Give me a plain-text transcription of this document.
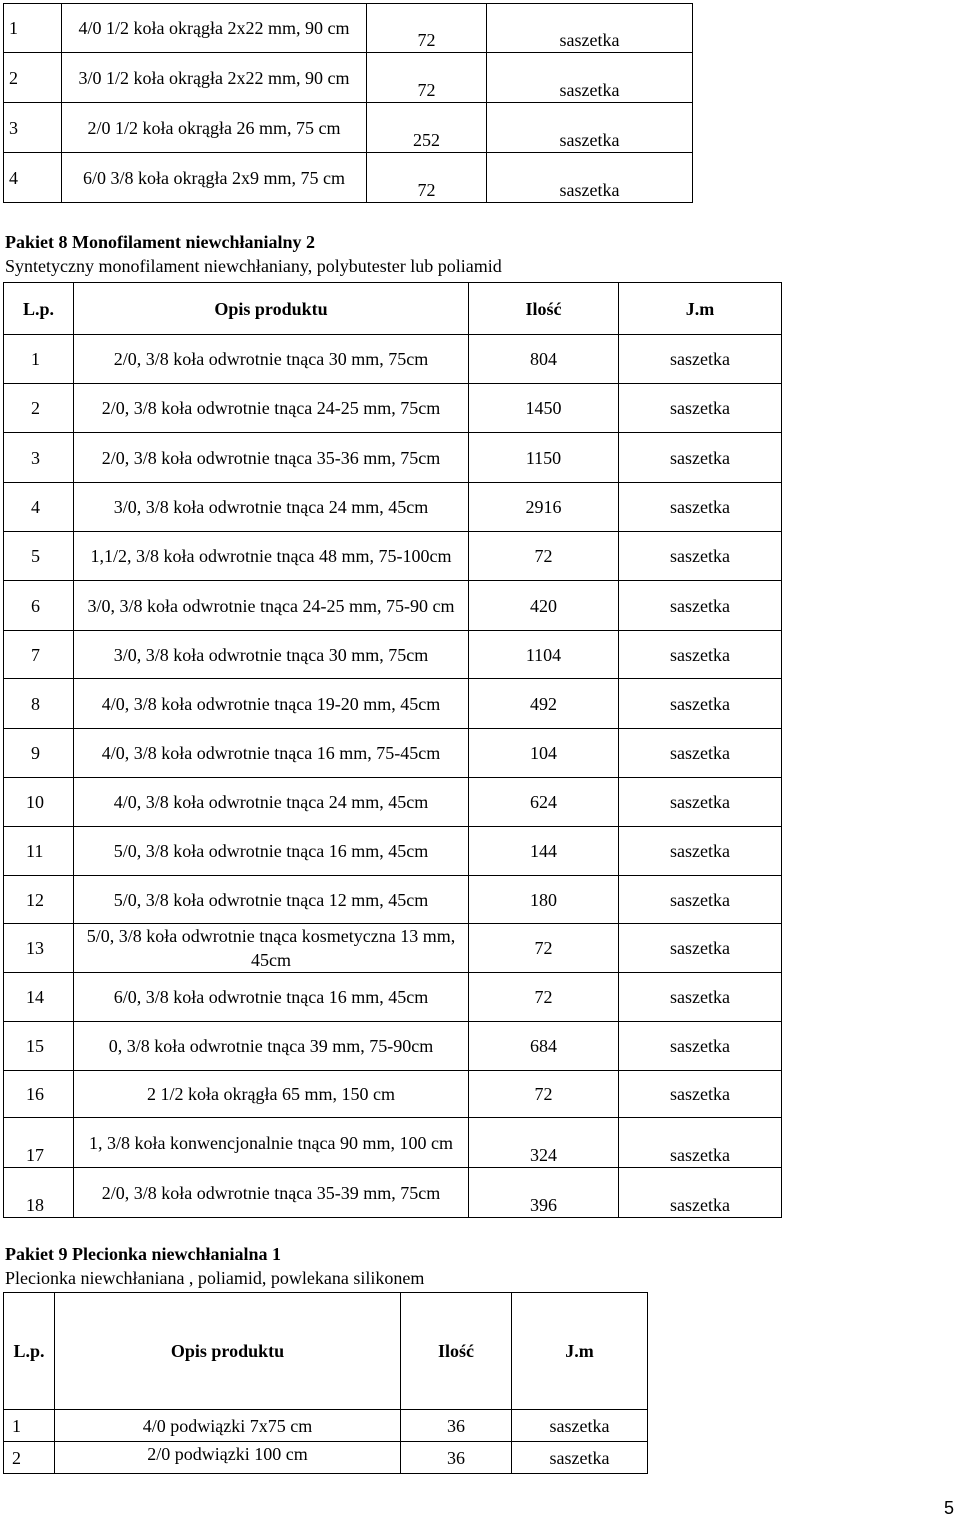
1	4/0 1/2 koła okrągła 2x22 mm, 90 cm	72	saszetka
2	3/0 1/2 koła okrągła 2x22 mm, 90 cm	72	saszetka
3	2/0 1/2 koła okrągła 26 mm, 75 cm	252	saszetka
4	6/0 3/8 koła okrągła 2x9 mm, 75 cm	72	saszetka
Pakiet 8 Monofilament niewchłanialny 2
Syntetyczny monofilament niewchłaniany, polybutester lub poliamid
L.p.	Opis produktu	Ilość	J.m
1	2/0, 3/8 koła odwrotnie tnąca 30 mm, 75cm	804	saszetka
2	2/0, 3/8 koła odwrotnie tnąca 24-25 mm, 75cm	1450	saszetka
3	2/0, 3/8 koła odwrotnie tnąca 35-36 mm, 75cm	1150	saszetka
4	3/0, 3/8 koła odwrotnie tnąca 24 mm, 45cm	2916	saszetka
5	1,1/2, 3/8 koła odwrotnie tnąca 48 mm, 75-100cm	72	saszetka
6	3/0, 3/8 koła odwrotnie tnąca 24-25 mm, 75-90 cm	420	saszetka
7	3/0, 3/8 koła odwrotnie tnąca 30 mm, 75cm	1104	saszetka
8	4/0, 3/8 koła odwrotnie tnąca 19-20 mm, 45cm	492	saszetka
9	4/0, 3/8 koła odwrotnie tnąca 16 mm, 75-45cm	104	saszetka
10	4/0, 3/8 koła odwrotnie tnąca 24 mm, 45cm	624	saszetka
11	5/0, 3/8 koła odwrotnie tnąca 16 mm, 45cm	144	saszetka
12	5/0, 3/8 koła odwrotnie tnąca 12 mm, 45cm	180	saszetka
13	5/0, 3/8 koła odwrotnie tnąca kosmetyczna 13 mm, 45cm	72	saszetka
14	6/0, 3/8 koła odwrotnie tnąca 16 mm, 45cm	72	saszetka
15	0, 3/8 koła odwrotnie tnąca 39 mm, 75-90cm	684	saszetka
16	2 1/2 koła okrągła 65 mm, 150 cm	72	saszetka
17	1, 3/8 koła konwencjonalnie tnąca 90 mm, 100 cm	324	saszetka
18	2/0, 3/8 koła odwrotnie tnąca 35-39 mm, 75cm	396	saszetka
Pakiet 9 Plecionka niewchłanialna 1
Plecionka niewchłaniana , poliamid, powlekana silikonem
L.p.	Opis produktu	Ilość	J.m
1	4/0 podwiązki 7x75 cm	36	saszetka
2	2/0 podwiązki 100 cm	36	saszetka
5
